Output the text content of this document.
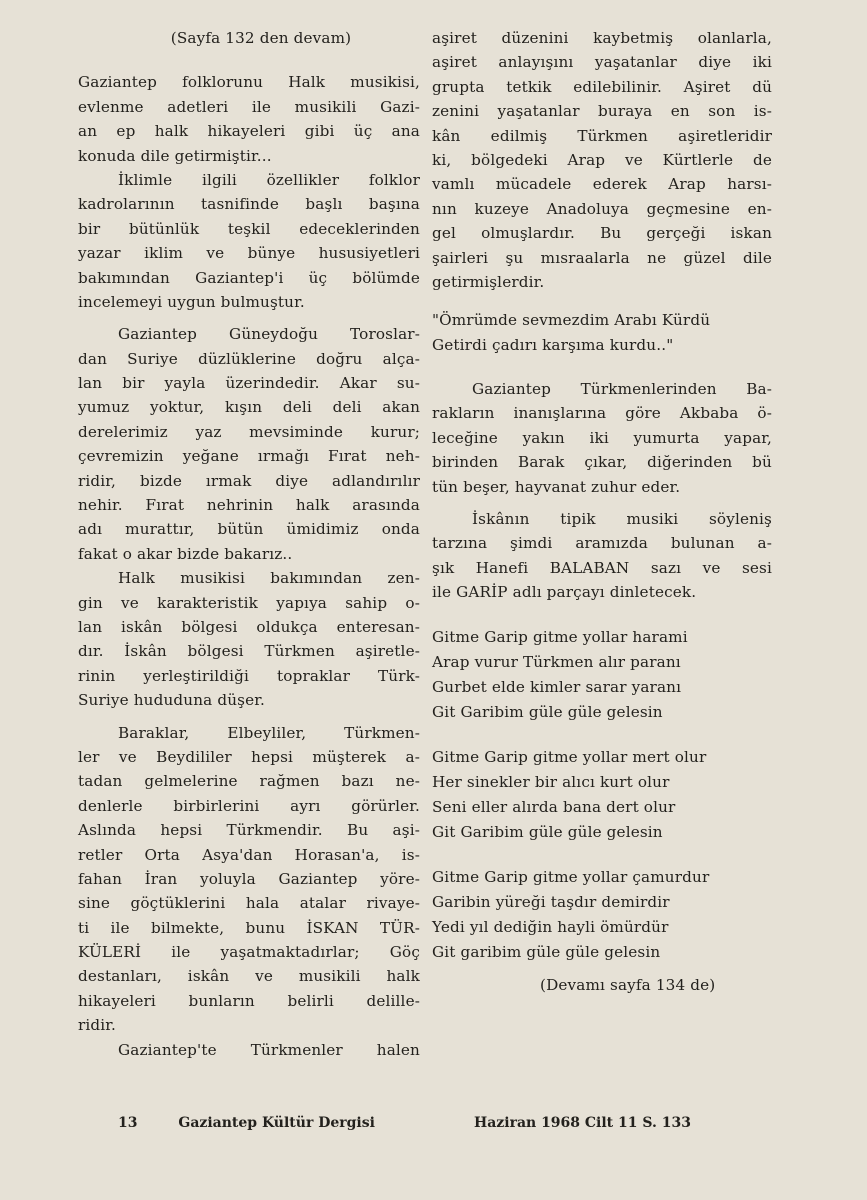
(Sayfa 132 den devam)
Gaziantep folklorunu Halk musikisi,
evlenme adetleri ile musikili Gazi-
an ep halk hikayeleri gibi üç ana
konuda dile getirmiştir...
İklimle ilgili özellikler folklor
kadrolarının tasnifinde başlı başına
bir bütünlük teşkil edeceklerinden
yazar iklim ve bünye hususiyetleri
bakımından Gaziantep'i üç bölümde
incelemeyi uygun bulmuştur.
Gaziantep Güneydoğu Toroslar-
dan Suriye düzlüklerine doğru alça-
lan bir yayla üzerindedir. Akar su-
yumuz yoktur, kışın deli deli akan
derelerimiz yaz mevsiminde kurur;
çevremizin yeğane ırmağı Fırat neh-
ridir, bizde ırmak diye adlandırılır
nehir. Fırat nehrinin halk arasında
adı murattır, bütün ümidimiz onda
fakat o akar bizde bakarız..
Halk musikisi bakımından zen-
gin ve karakteristik yapıya sahip o-
lan iskân bölgesi oldukça enteresan-
dır. İskân bölgesi Türkmen aşiretle-
rinin yerleştirildiği topraklar Türk-
Suriye hududuna düşer.
Baraklar, Elbeyliler, Türkmen-
ler ve Beydililer hepsi müşterek a-
tadan gelmelerine rağmen bazı ne-
denlerle birbirlerini ayrı görürler.
Aslında hepsi Türkmendir. Bu aşi-
retler Orta Asya'dan Horasan'a, is-
fahan İran yoluyla Gaziantep yöre-
sine göçtüklerini hala atalar rivaye-
ti ile bilmekte, bunu İSKAN TÜR-
KÜLERİ ile yaşatmaktadırlar; Göç
destanları, iskân ve musikili halk
hikayeleri bunların belirli delille-
ridir.
Gaziantep'te Türkmenler halen
aşiret düzenini kaybetmiş olanlarla,
aşiret anlayışını yaşatanlar diye iki
grupta tetkik edilebilinir. Aşiret dü
zenini yaşatanlar buraya en son is-
kân edilmiş Türkmen aşiretleridir
ki, bölgedeki Arap ve Kürtlerle de
vamlı mücadele ederek Arap harsı-
nın kuzeye Anadoluya geçmesine en-
gel olmuşlardır. Bu gerçeği iskan
şairleri şu mısraalarla ne güzel dile
getirmişlerdir.
"Ömrümde sevmezdim Arabı Kürdü
Getirdi çadırı karşıma kurdu.."
Gaziantep Türkmenlerinden Ba-
rakların inanışlarına göre Akbaba ö-
leceğine yakın iki yumurta yapar,
birinden Barak çıkar, diğerinden bü
tün beşer, hayvanat zuhur eder.
İskânın tipik musiki söyleniş
tarzına şimdi aramızda bulunan a-
şık Hanefi BALABAN sazı ve sesi
ile GARİP adlı parçayı dinletecek.
Gitme Garip gitme yollar harami
Arap vurur Türkmen alır paranı
Gurbet elde kimler sarar yaranı
Git Garibim güle güle gelesin
Gitme Garip gitme yollar mert olur
Her sinekler bir alıcı kurt olur
Seni eller alırda bana dert olur
Git Garibim güle güle gelesin
Gitme Garip gitme yollar çamurdur
Garibin yüreği taşdır demirdir
Yedi yıl dediğin hayli ömürdür
Git garibim güle güle gelesin
(Devamı sayfa 134 de)
13	Gaziantep Kültür Dergisi	Haziran 1968 Cilt 11 S. 133
